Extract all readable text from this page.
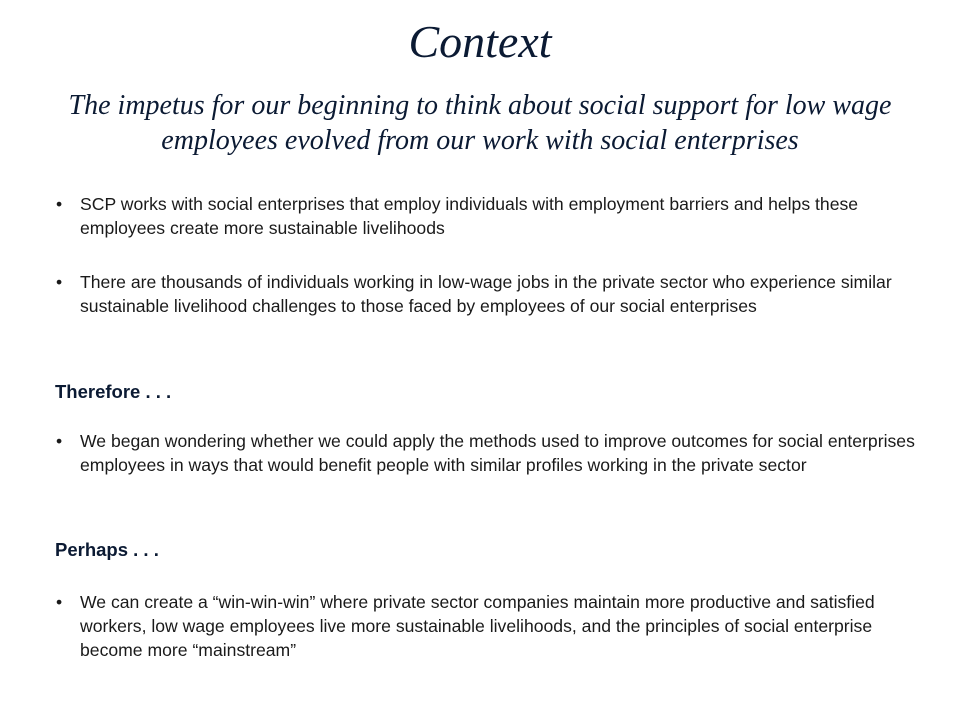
Context
The impetus for our beginning to think about social support for low wage employees evolved from our work with social enterprises
•	SCP works with social enterprises that employ individuals with employment barriers and helps these employees create more sustainable livelihoods
•	There are thousands of individuals working in low-wage jobs in the private sector who experience similar sustainable livelihood challenges to those faced by employees of our social enterprises
Therefore . . .
•	We began wondering whether we could apply the methods used to improve outcomes for social enterprises employees in ways that would benefit people with similar profiles working in the private sector
Perhaps . . .
•	We can create a “win-win-win” where private sector companies maintain more productive and satisfied workers, low wage employees live more sustainable livelihoods, and the principles of social enterprise become more “mainstream”
